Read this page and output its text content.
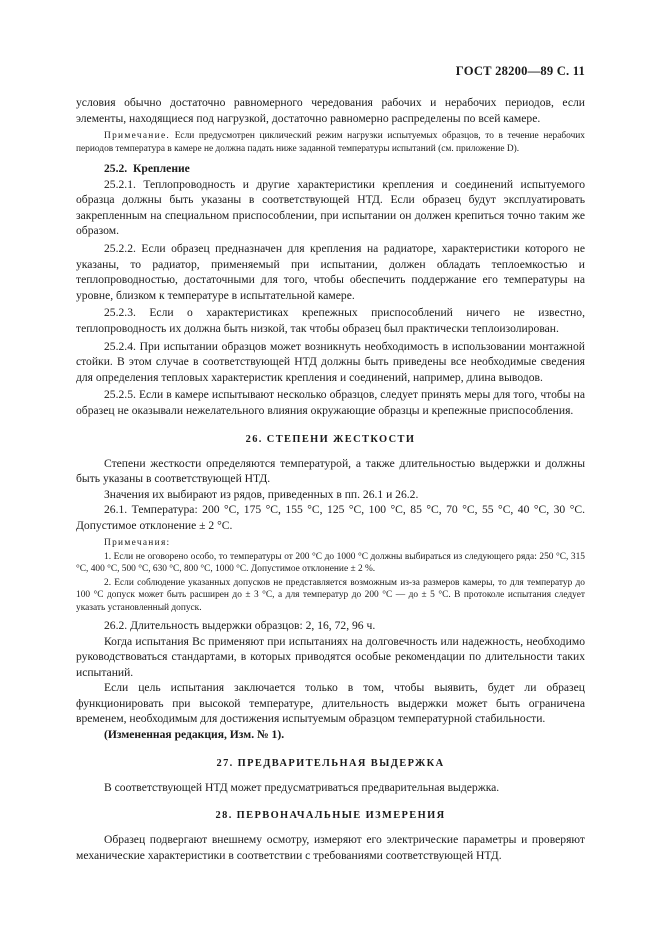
ГОСТ 28200—89 С. 11

условия обычно достаточно равномерного чередования рабочих и нерабочих периодов, если элементы, находящиеся под нагрузкой, достаточно равномерно распределены по всей камере.

Примечание. Если предусмотрен циклический режим нагрузки испытуемых образцов, то в течение нерабочих периодов температура в камере не должна падать ниже заданной температуры испытаний (см. приложение D).

25.2. Крепление

25.2.1. Теплопроводность и другие характеристики крепления и соединений испытуемого образца должны быть указаны в соответствующей НТД. Если образец будут эксплуатировать закрепленным на специальном приспособлении, при испытании он должен крепиться точно таким же образом.

25.2.2. Если образец предназначен для крепления на радиаторе, характеристики которого не указаны, то радиатор, применяемый при испытании, должен обладать теплоемкостью и теплопроводностью, достаточными для того, чтобы обеспечить поддержание его температуры на уровне, близком к температуре в испытательной камере.

25.2.3. Если о характеристиках крепежных приспособлений ничего не известно, теплопроводность их должна быть низкой, так чтобы образец был практически теплоизолирован.

25.2.4. При испытании образцов может возникнуть необходимость в использовании монтажной стойки. В этом случае в соответствующей НТД должны быть приведены все необходимые сведения для определения тепловых характеристик крепления и соединений, например, длина выводов.

25.2.5. Если в камере испытывают несколько образцов, следует принять меры для того, чтобы на образец не оказывали нежелательного влияния окружающие образцы и крепежные приспособления.

26. СТЕПЕНИ ЖЕСТКОСТИ

Степени жесткости определяются температурой, а также длительностью выдержки и должны быть указаны в соответствующей НТД.

Значения их выбирают из рядов, приведенных в пп. 26.1 и 26.2.

26.1. Температура: 200 °С, 175 °С, 155 °С, 125 °С, 100 °С, 85 °С, 70 °С, 55 °С, 40 °С, 30 °С. Допустимое отклонение ± 2 °С.

Примечания:

1. Если не оговорено особо, то температуры от 200 °С до 1000 °С должны выбираться из следующего ряда: 250 °С, 315 °С, 400 °С, 500 °С, 630 °С, 800 °С, 1000 °С. Допустимое отклонение ± 2 %.

2. Если соблюдение указанных допусков не представляется возможным из-за размеров камеры, то для температур до 100 °С допуск может быть расширен до ± 3 °С, а для температур до 200 °С — до ± 5 °С. В протоколе испытания следует указать установленный допуск.

26.2. Длительность выдержки образцов: 2, 16, 72, 96 ч.

Когда испытания Вс применяют при испытаниях на долговечность или надежность, необходимо руководствоваться стандартами, в которых приводятся особые рекомендации по длительности таких испытаний.

Если цель испытания заключается только в том, чтобы выявить, будет ли образец функционировать при высокой температуре, длительность выдержки может быть ограничена временем, необходимым для достижения испытуемым образцом температурной стабильности.

(Измененная редакция, Изм. № 1).

27. ПРЕДВАРИТЕЛЬНАЯ ВЫДЕРЖКА

В соответствующей НТД может предусматриваться предварительная выдержка.

28. ПЕРВОНАЧАЛЬНЫЕ ИЗМЕРЕНИЯ

Образец подвергают внешнему осмотру, измеряют его электрические параметры и проверяют механические характеристики в соответствии с требованиями соответствующей НТД.
